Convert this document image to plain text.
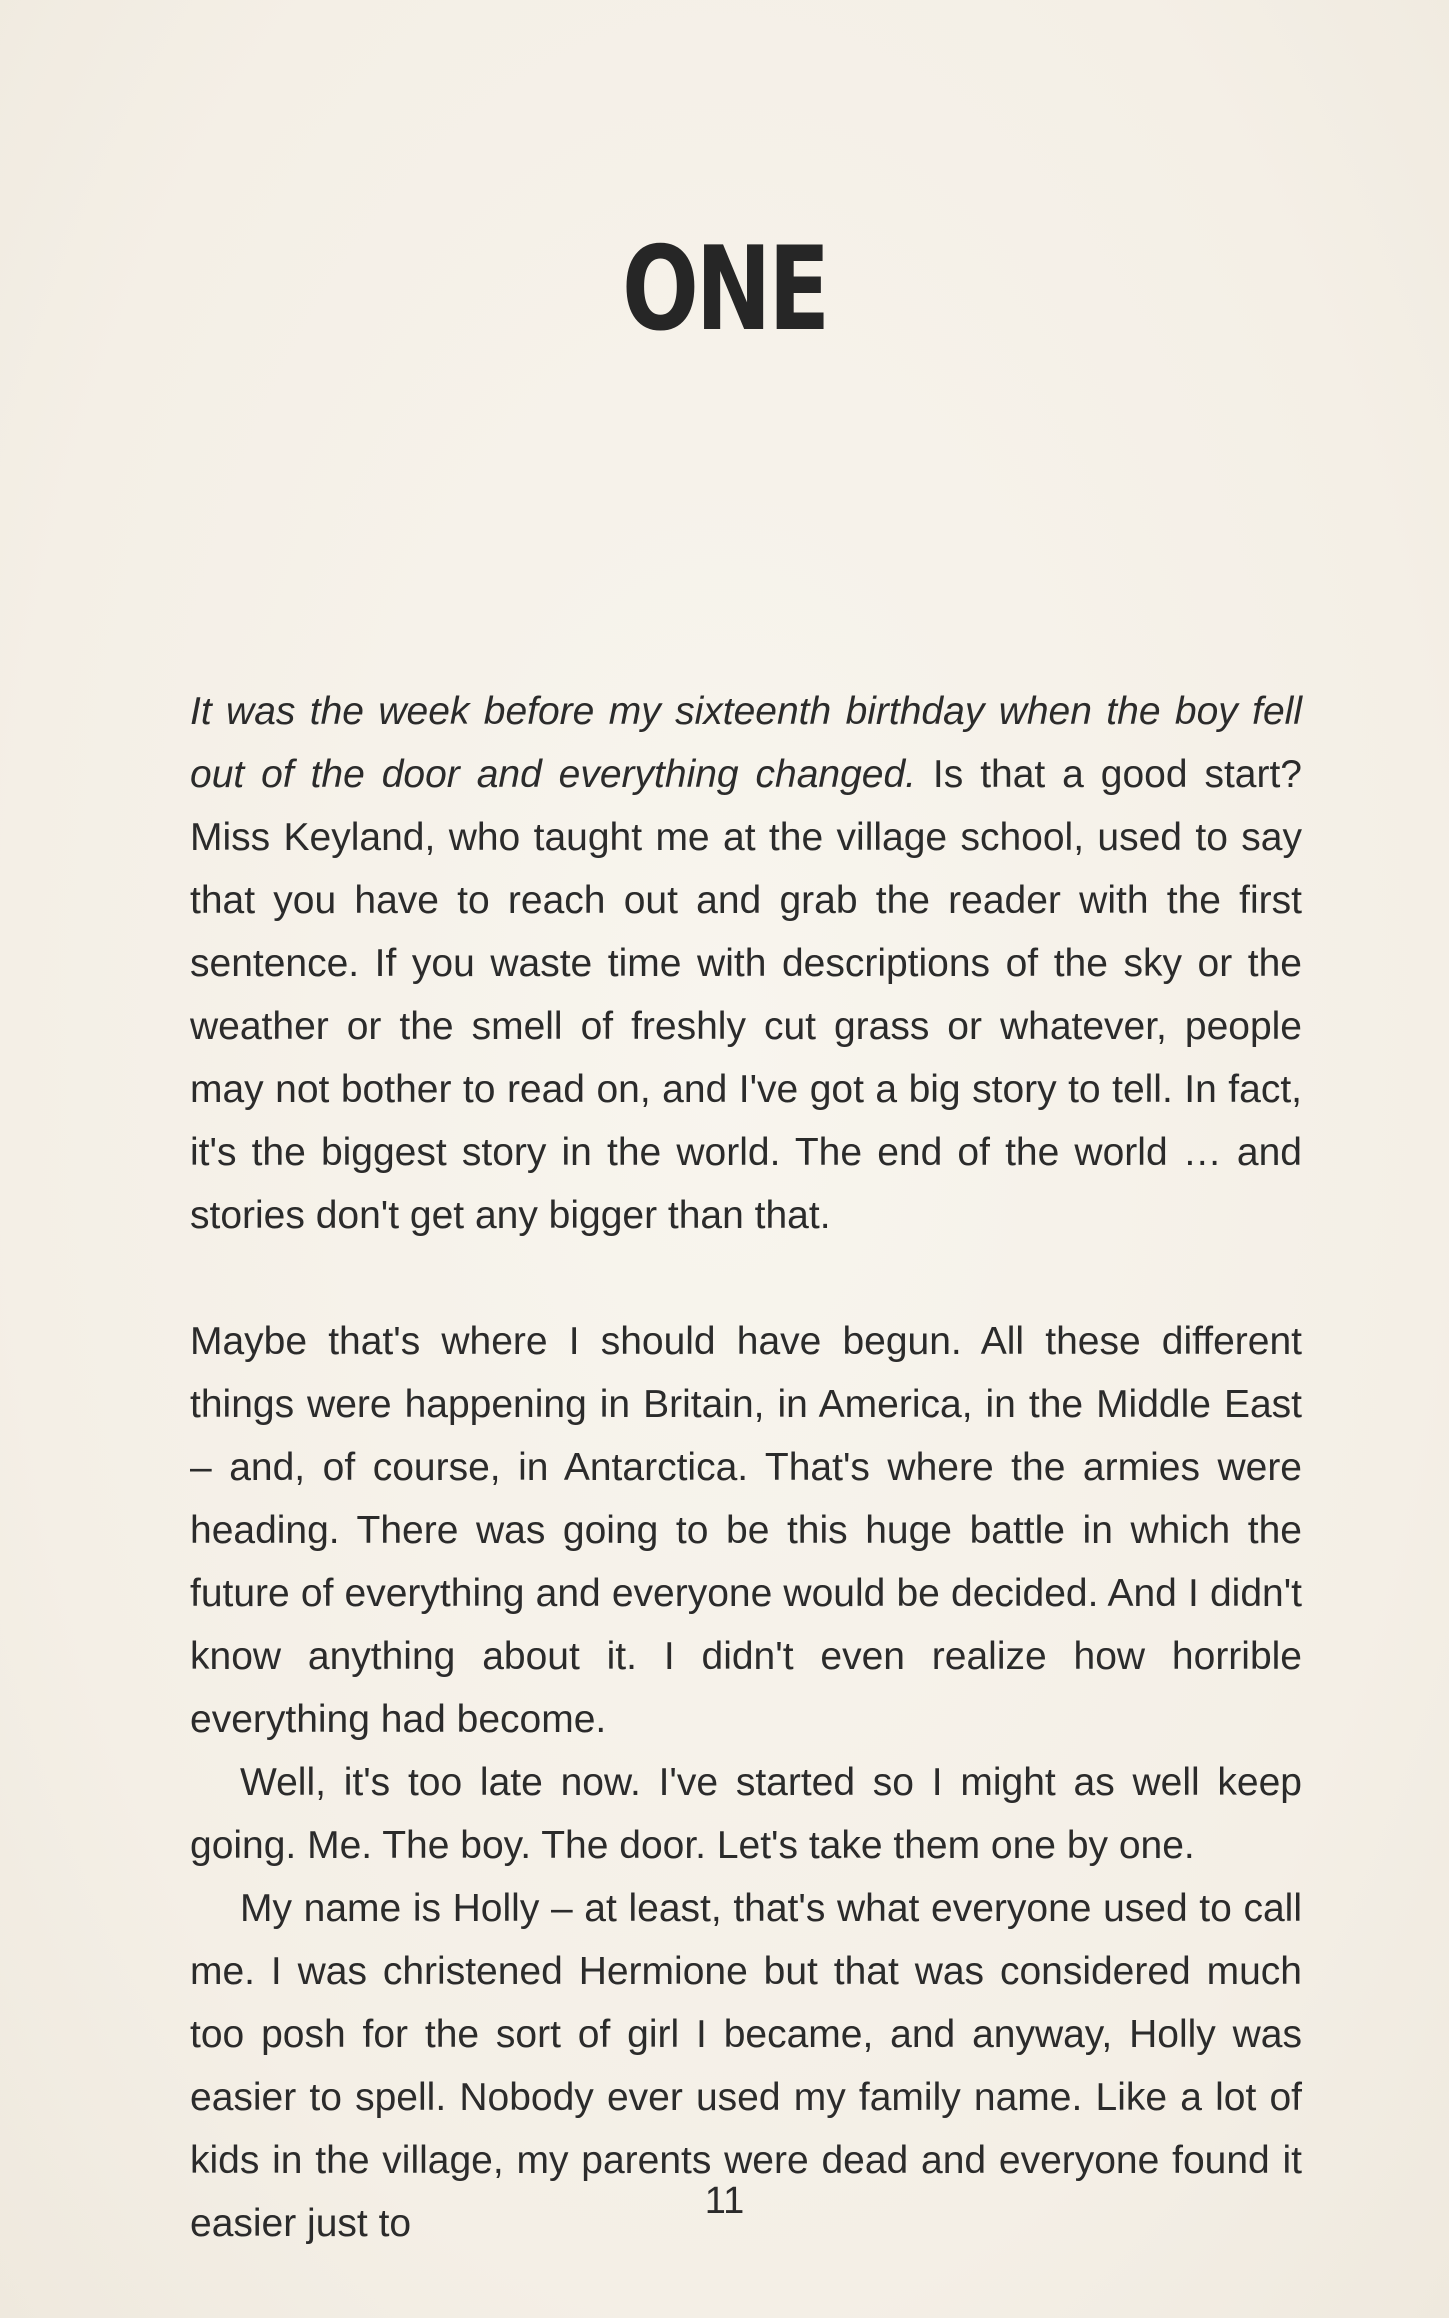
ONE

It was the week before my sixteenth birthday when the boy fell out of the door and everything changed. Is that a good start? Miss Keyland, who taught me at the village school, used to say that you have to reach out and grab the reader with the first sentence. If you waste time with descriptions of the sky or the weather or the smell of freshly cut grass or whatever, people may not bother to read on, and I've got a big story to tell. In fact, it's the biggest story in the world. The end of the world … and stories don't get any bigger than that.

Maybe that's where I should have begun. All these different things were happening in Britain, in America, in the Middle East – and, of course, in Antarctica. That's where the armies were heading. There was going to be this huge battle in which the future of everything and everyone would be decided. And I didn't know anything about it. I didn't even realize how horrible everything had become.

Well, it's too late now. I've started so I might as well keep going. Me. The boy. The door. Let's take them one by one.

My name is Holly – at least, that's what everyone used to call me. I was christened Hermione but that was considered much too posh for the sort of girl I became, and anyway, Holly was easier to spell. Nobody ever used my family name. Like a lot of kids in the village, my parents were dead and everyone found it easier just to

11
